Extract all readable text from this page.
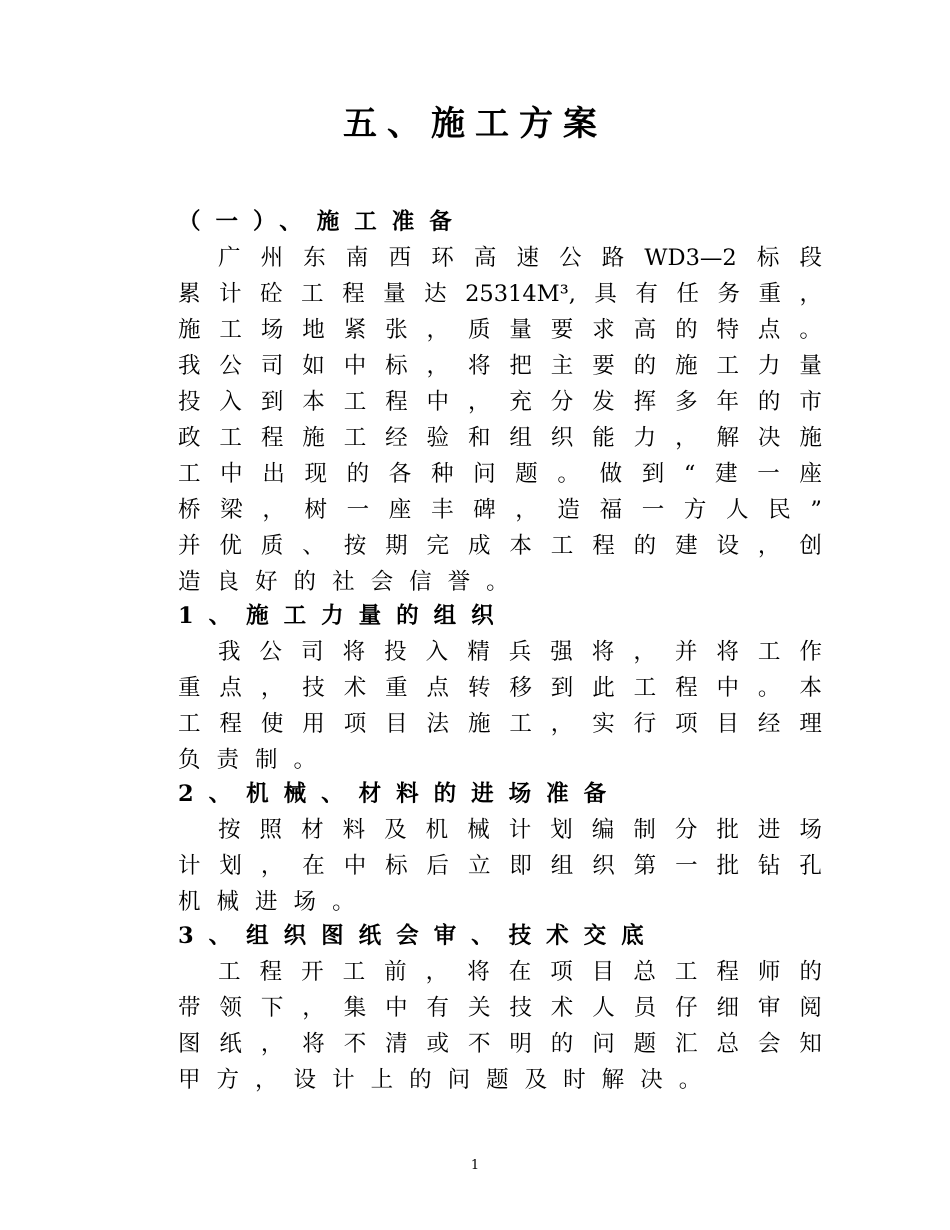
五、施工方案
（一）、施工准备
广 州 东 南 西 环 高 速 公 路 WD3—2 标 段
累 计 砼 工 程 量 达 25314M³, 具 有 任 务 重 ，
施 工 场 地 紧 张 ， 质 量 要 求 高 的 特 点 。
我 公 司 如 中 标 ， 将 把 主 要 的 施 工 力 量
投 入 到 本 工 程 中 ， 充 分 发 挥 多 年 的 市
政 工 程 施 工 经 验 和 组 织 能 力 ， 解 决 施
工 中 出 现 的 各 种 问 题 。 做 到 “ 建 一 座
桥 梁 ， 树 一 座 丰 碑 ， 造 福 一 方 人 民 ”
并 优 质 、 按 期 完 成 本 工 程 的 建 设 ， 创
造 良 好 的 社 会 信 誉 。
1、施工力量的组织
我 公 司 将 投 入 精 兵 强 将 ， 并 将 工 作
重 点 ， 技 术 重 点 转 移 到 此 工 程 中 。 本
工 程 使 用 项 目 法 施 工 ， 实 行 项 目 经 理
负 责 制 。
2、机械、材料的进场准备
按 照 材 料 及 机 械 计 划 编 制 分 批 进 场
计 划 ， 在 中 标 后 立 即 组 织 第 一 批 钻 孔
机 械 进 场 。
3、组织图纸会审、技术交底
工 程 开 工 前 ， 将 在 项 目 总 工 程 师 的
带 领 下 ， 集 中 有 关 技 术 人 员 仔 细 审 阅
图 纸 ， 将 不 清 或 不 明 的 问 题 汇 总 会 知
甲 方 ， 设 计 上 的 问 题 及 时 解 决 。
1
